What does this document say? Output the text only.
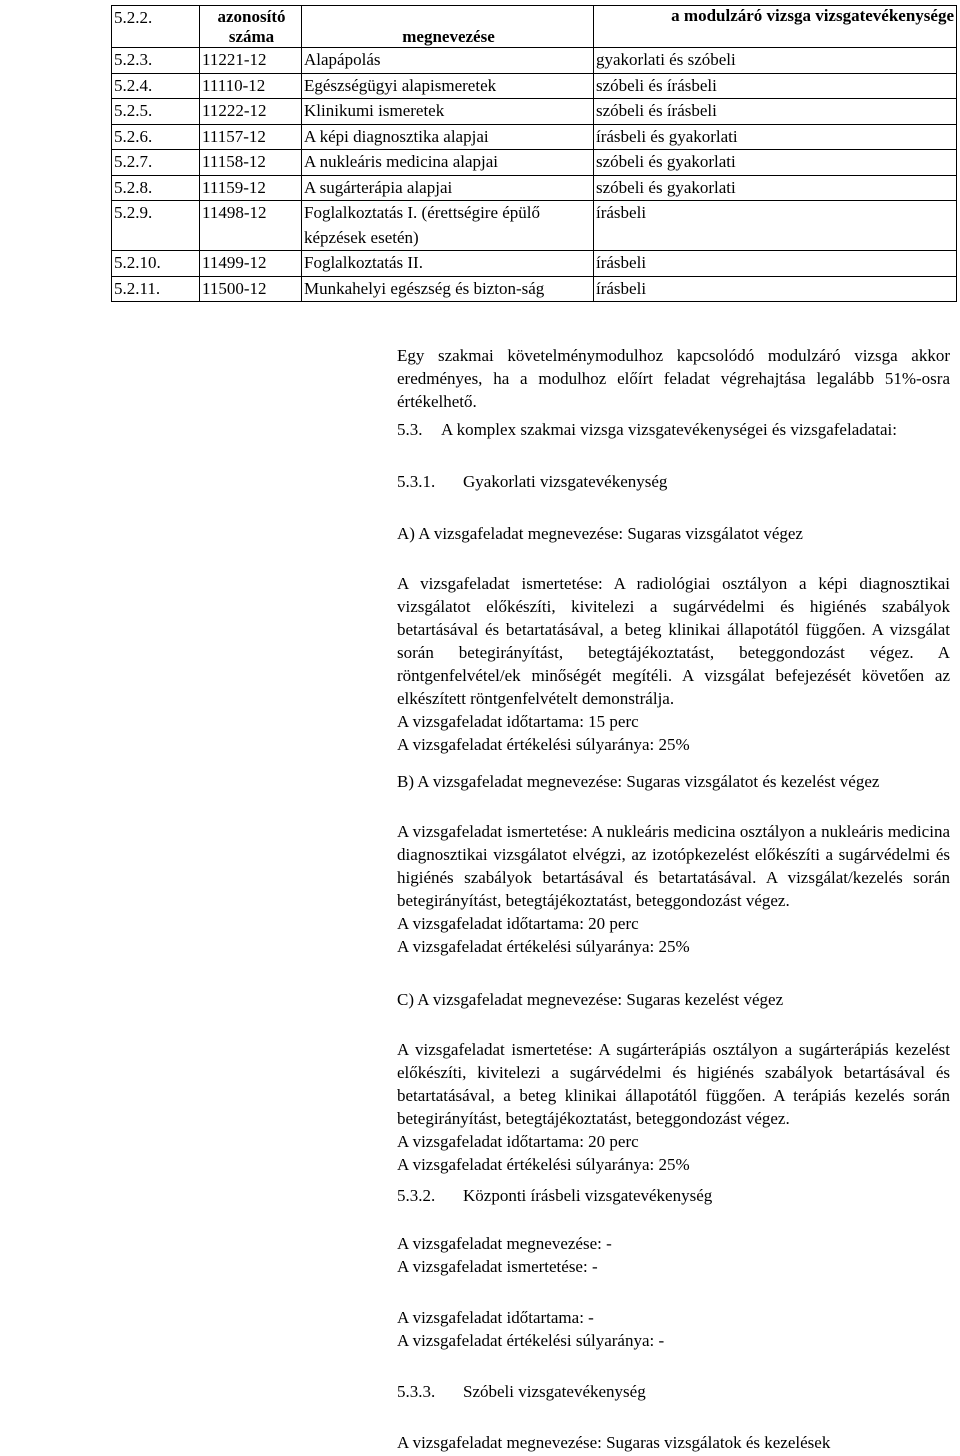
5.2.2.	azonosító száma	megnevezése	a modulzáró vizsga vizsgatevékenysége
5.2.3.	11221-12	Alapápolás	gyakorlati és szóbeli
5.2.4.	11110-12	Egészségügyi alapismeretek	szóbeli és írásbeli
5.2.5.	11222-12	Klinikumi ismeretek	szóbeli és írásbeli
5.2.6.	11157-12	A képi diagnosztika alapjai	írásbeli és gyakorlati
5.2.7.	11158-12	A nukleáris medicina alapjai	szóbeli és gyakorlati
5.2.8.	11159-12	A sugárterápia alapjai	szóbeli és gyakorlati
5.2.9.	11498-12	Foglalkoztatás I. (érettségire épülő képzések esetén)	írásbeli
5.2.10.	11499-12	Foglalkoztatás II.	írásbeli
5.2.11.	11500-12	Munkahelyi egészség és bizton-ság	írásbeli

Egy szakmai követelménymodulhoz kapcsolódó modulzáró vizsga akkor eredményes, ha a modulhoz előírt feladat végrehajtása legalább 51%-osra értékelhető.

5.3. A komplex szakmai vizsga vizsgatevékenységei és vizsgafeladatai:

5.3.1. Gyakorlati vizsgatevékenység

A) A vizsgafeladat megnevezése: Sugaras vizsgálatot végez

A vizsgafeladat ismertetése: A radiológiai osztályon a képi diagnosztikai vizsgálatot előkészíti, kivitelezi a sugárvédelmi és higiénés szabályok betartásával és betartatásával, a beteg klinikai állapotától függően. A vizsgálat során betegirányítást, betegtájékoztatást, beteggondozást végez. A röntgenfelvétel/ek minőségét megítéli. A vizsgálat befejezését követően az elkészített röntgenfelvételt demonstrálja.
A vizsgafeladat időtartama: 15 perc
A vizsgafeladat értékelési súlyaránya: 25%

B) A vizsgafeladat megnevezése: Sugaras vizsgálatot és kezelést végez

A vizsgafeladat ismertetése: A nukleáris medicina osztályon a nukleáris medicina diagnosztikai vizsgálatot elvégzi, az izotópkezelést előkészíti a sugárvédelmi és higiénés szabályok betartásával és betartatásával. A vizsgálat/kezelés során betegirányítást, betegtájékoztatást, beteggondozást végez.
A vizsgafeladat időtartama: 20 perc
A vizsgafeladat értékelési súlyaránya: 25%

C) A vizsgafeladat megnevezése: Sugaras kezelést végez

A vizsgafeladat ismertetése: A sugárterápiás osztályon a sugárterápiás kezelést előkészíti, kivitelezi a sugárvédelmi és higiénés szabályok betartásával és betartatásával, a beteg klinikai állapotától függően. A terápiás kezelés során betegirányítást, betegtájékoztatást, beteggondozást végez.
A vizsgafeladat időtartama: 20 perc
A vizsgafeladat értékelési súlyaránya: 25%

5.3.2. Központi írásbeli vizsgatevékenység

A vizsgafeladat megnevezése: -
A vizsgafeladat ismertetése: -
A vizsgafeladat időtartama: -
A vizsgafeladat értékelési súlyaránya: -

5.3.3. Szóbeli vizsgatevékenység

A vizsgafeladat megnevezése: Sugaras vizsgálatok és kezelések
